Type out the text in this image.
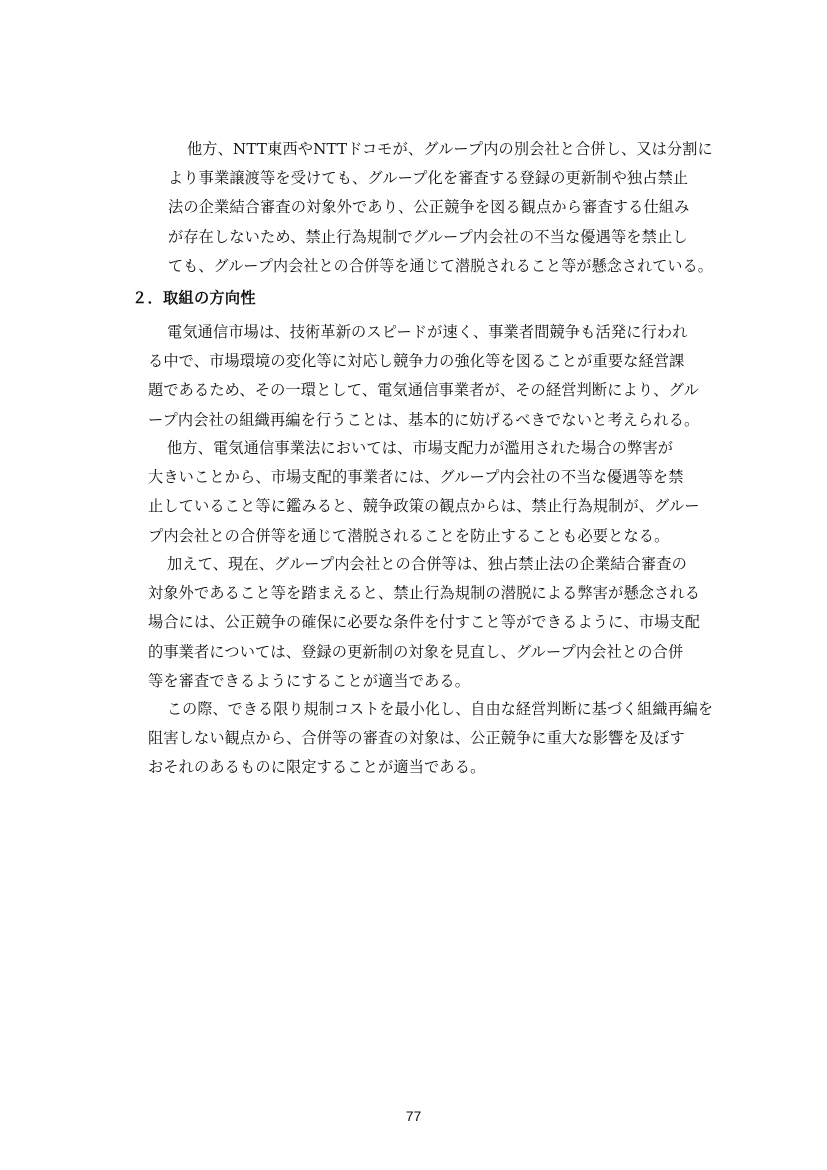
他方、NTT東西やNTTドコモが、グループ内の別会社と合併し、又は分割に
より事業譲渡等を受けても、グループ化を審査する登録の更新制や独占禁止
法の企業結合審査の対象外であり、公正競争を図る観点から審査する仕組み
が存在しないため、禁止行為規制でグループ内会社の不当な優遇等を禁止し
ても、グループ内会社との合併等を通じて潜脱されること等が懸念されている。
２．取組の方向性
電気通信市場は、技術革新のスピードが速く、事業者間競争も活発に行われ
る中で、市場環境の変化等に対応し競争力の強化等を図ることが重要な経営課
題であるため、その一環として、電気通信事業者が、その経営判断により、グル
ープ内会社の組織再編を行うことは、基本的に妨げるべきでないと考えられる。
他方、電気通信事業法においては、市場支配力が濫用された場合の弊害が
大きいことから、市場支配的事業者には、グループ内会社の不当な優遇等を禁
止していること等に鑑みると、競争政策の観点からは、禁止行為規制が、グルー
プ内会社との合併等を通じて潜脱されることを防止することも必要となる。
加えて、現在、グループ内会社との合併等は、独占禁止法の企業結合審査の
対象外であること等を踏まえると、禁止行為規制の潜脱による弊害が懸念される
場合には、公正競争の確保に必要な条件を付すこと等ができるように、市場支配
的事業者については、登録の更新制の対象を見直し、グループ内会社との合併
等を審査できるようにすることが適当である。
この際、できる限り規制コストを最小化し、自由な経営判断に基づく組織再編を
阻害しない観点から、合併等の審査の対象は、公正競争に重大な影響を及ぼす
おそれのあるものに限定することが適当である。
77
